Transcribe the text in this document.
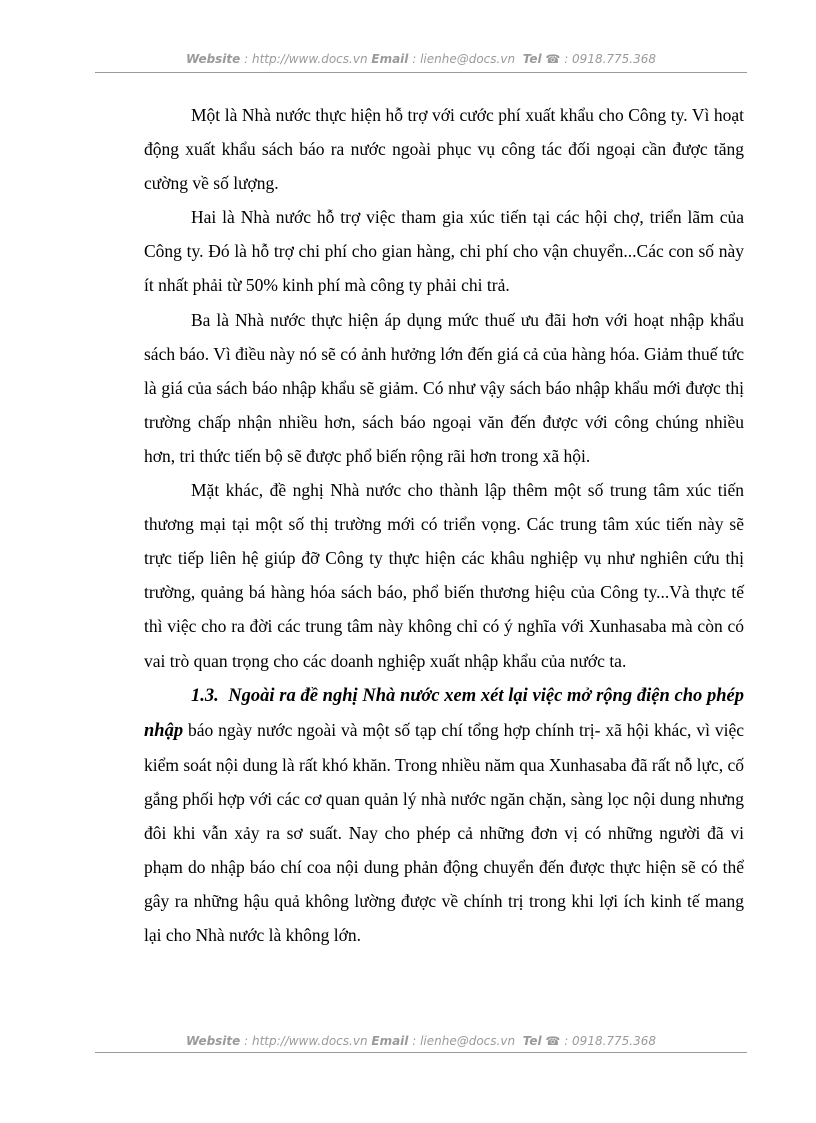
Website : http://www.docs.vn Email : lienhe@docs.vn  Tel ☎ : 0918.775.368

Một là Nhà nước thực hiện hỗ trợ với cước phí xuất khẩu cho Công ty. Vì hoạt động xuất khẩu sách báo ra nước ngoài phục vụ công tác đối ngoại cần được tăng cường về số lượng.

Hai là Nhà nước hỗ trợ việc tham gia xúc tiến tại các hội chợ, triển lãm của Công ty. Đó là hỗ trợ chi phí cho gian hàng, chi phí cho vận chuyển...Các con số này ít nhất phải từ 50% kinh phí mà công ty phải chi trả.

Ba là Nhà nước thực hiện áp dụng mức thuế ưu đãi hơn với hoạt nhập khẩu sách báo. Vì điều này nó sẽ có ảnh hưởng lớn đến giá cả của hàng hóa. Giảm thuế tức là giá của sách báo nhập khẩu sẽ giảm. Có như vậy sách báo nhập khẩu mới được thị trường chấp nhận nhiều hơn, sách báo ngoại văn đến được với công chúng nhiều hơn, tri thức tiến bộ sẽ được phổ biến rộng rãi hơn trong xã hội.

Mặt khác, đề nghị Nhà nước cho thành lập thêm một số trung tâm xúc tiến thương mại tại một số thị trường mới có triển vọng. Các trung tâm xúc tiến này sẽ trực tiếp liên hệ giúp đỡ Công ty thực hiện các khâu nghiệp vụ như nghiên cứu thị trường, quảng bá hàng hóa sách báo, phổ biến thương hiệu của Công ty...Và thực tế thì việc cho ra đời các trung tâm này không chỉ có ý nghĩa với Xunhasaba mà còn có vai trò quan trọng cho các doanh nghiệp xuất nhập khẩu của nước ta.

1.3. Ngoài ra đề nghị Nhà nước xem xét lại việc mở rộng điện cho phép nhập báo ngày nước ngoài và một số tạp chí tổng hợp chính trị- xã hội khác, vì việc kiểm soát nội dung là rất khó khăn. Trong nhiều năm qua Xunhasaba đã rất nỗ lực, cố gắng phối hợp với các cơ quan quản lý nhà nước ngăn chặn, sàng lọc nội dung nhưng đôi khi vẫn xảy ra sơ suất. Nay cho phép cả những đơn vị có những người đã vi phạm do nhập báo chí coa nội dung phản động chuyển đến được thực hiện sẽ có thể gây ra những hậu quả không lường được về chính trị trong khi lợi ích kinh tế mang lại cho Nhà nước là không lớn.

Website : http://www.docs.vn Email : lienhe@docs.vn  Tel ☎ : 0918.775.368
